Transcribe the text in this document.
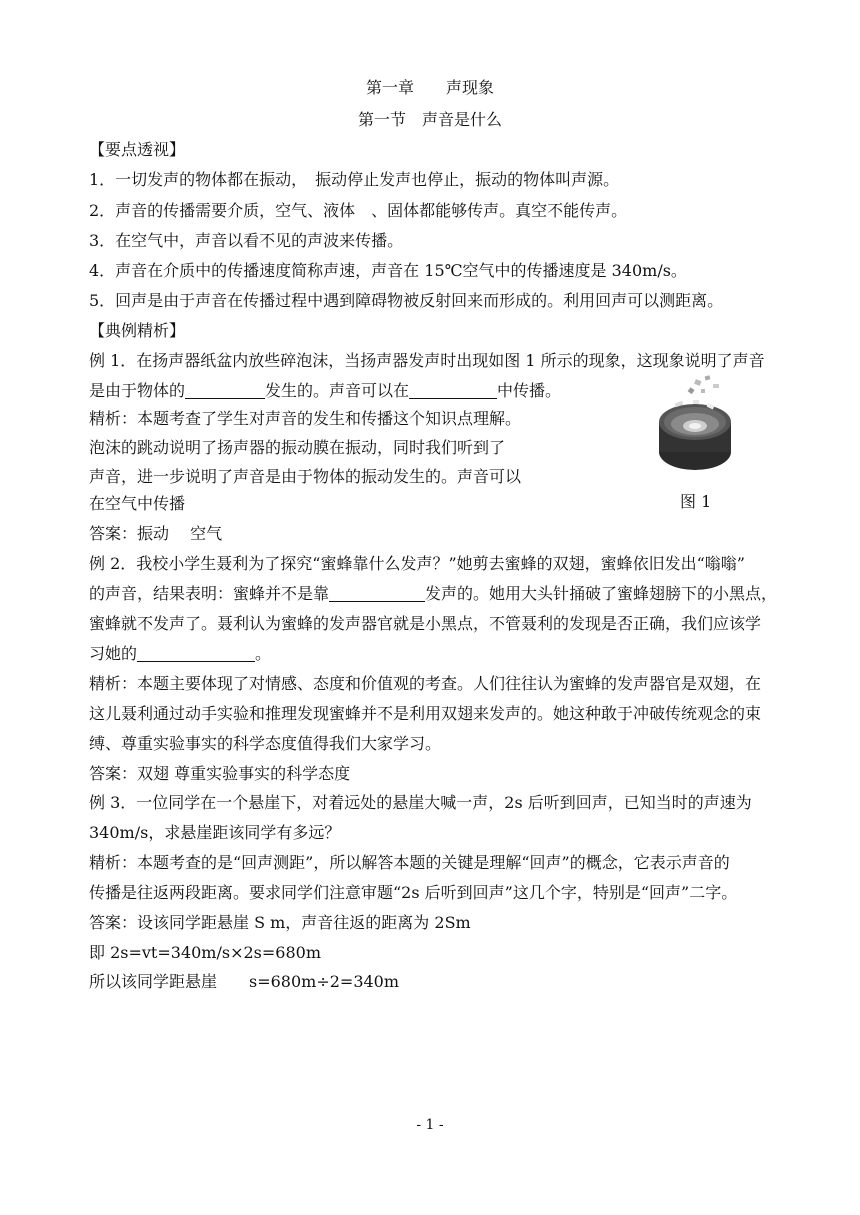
第一章　　声现象
第一节　声音是什么
【要点透视】
1．一切发声的物体都在振动，　振动停止发声也停止，振动的物体叫声源。
2．声音的传播需要介质，空气、液体　、固体都能够传声。真空不能传声。
3．在空气中，声音以看不见的声波来传播。
4．声音在介质中的传播速度简称声速，声音在 15℃空气中的传播速度是 340m/s。
5．回声是由于声音在传播过程中遇到障碍物被反射回来而形成的。利用回声可以测距离。
【典例精析】
例 1．在扬声器纸盆内放些碎泡沫，当扬声器发声时出现如图 1 所示的现象，这现象说明了声音
是由于物体的	发生的。声音可以在	中传播。
精析：本题考查了学生对声音的发生和传播这个知识点理解。
泡沫的跳动说明了扬声器的振动膜在振动，同时我们听到了
声音，进一步说明了声音是由于物体的振动发生的。声音可以
在空气中传播	图 1
答案：振动　 空气
例 2．我校小学生聂利为了探究“蜜蜂靠什么发声？”她剪去蜜蜂的双翅，蜜蜂依旧发出“嗡嗡”
的声音，结果表明：蜜蜂并不是靠	发声的。她用大头针捅破了蜜蜂翅膀下的小黑点，
蜜蜂就不发声了。聂利认为蜜蜂的发声器官就是小黑点，不管聂利的发现是否正确，我们应该学
习她的	。
精析：本题主要体现了对情感、态度和价值观的考查。人们往往认为蜜蜂的发声器官是双翅，在
这儿聂利通过动手实验和推理发现蜜蜂并不是利用双翅来发声的。她这种敢于冲破传统观念的束
缚、尊重实验事实的科学态度值得我们大家学习。
答案：双翅 尊重实验事实的科学态度
例 3．一位同学在一个悬崖下，对着远处的悬崖大喊一声，2s 后听到回声，已知当时的声速为
340m/s，求悬崖距该同学有多远？
精析：本题考查的是“回声测距”，所以解答本题的关键是理解“回声”的概念，它表示声音的
传播是往返两段距离。要求同学们注意审题“2s 后听到回声”这几个字，特别是“回声”二字。
答案：设该同学距悬崖 S m，声音往返的距离为 2Sm
即 2s=vt=340m/s×2s=680m
所以该同学距悬崖　　s=680m÷2=340m
- 1 -
